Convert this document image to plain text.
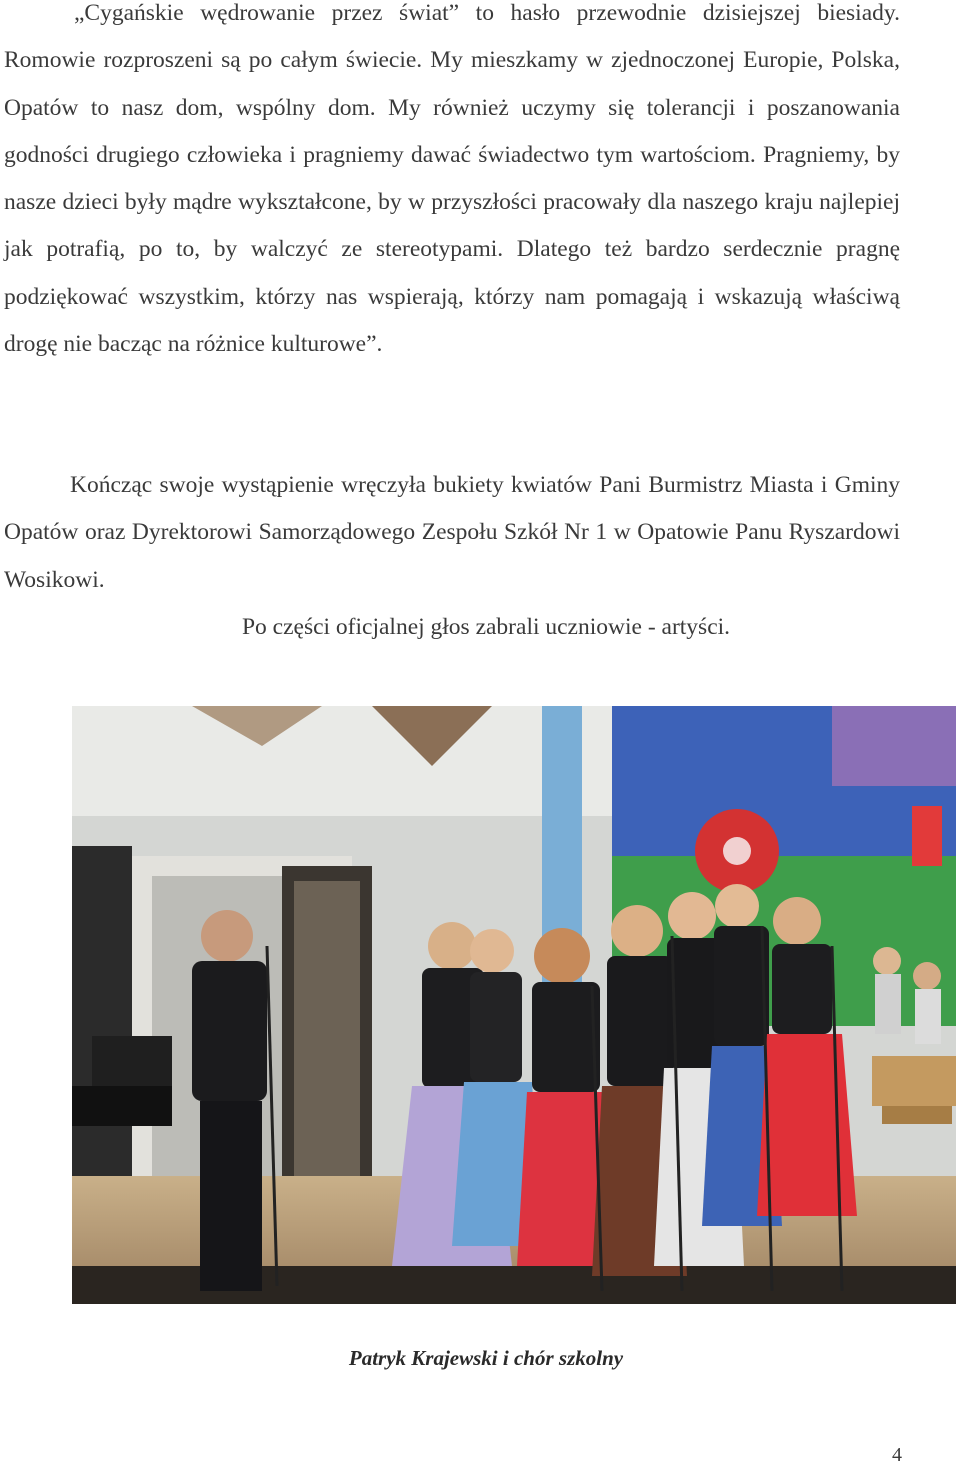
„Cygańskie wędrowanie przez świat” to hasło przewodnie dzisiejszej biesiady. Romowie rozproszeni są po całym świecie. My mieszkamy w zjednoczonej Europie, Polska, Opatów to nasz dom, wspólny dom. My również uczymy się tolerancji i poszanowania godności drugiego człowieka i pragniemy dawać świadectwo tym wartościom. Pragniemy, by nasze dzieci były mądre wykształcone, by w przyszłości pracowały dla naszego kraju najlepiej jak potrafią, po to, by walczyć ze stereotypami. Dlatego też bardzo serdecznie pragnę podziękować wszystkim, którzy nas wspierają, którzy nam pomagają i wskazują właściwą drogę nie bacząc na różnice kulturowe”.

Kończąc swoje wystąpienie wręczyła bukiety kwiatów Pani Burmistrz Miasta i Gminy Opatów oraz Dyrektorowi Samorządowego Zespołu Szkół Nr 1 w Opatowie Panu Ryszardowi Wosikowi.

Po części oficjalnej głos zabrali uczniowie - artyści.

Patryk Krajewski i chór szkolny
4
